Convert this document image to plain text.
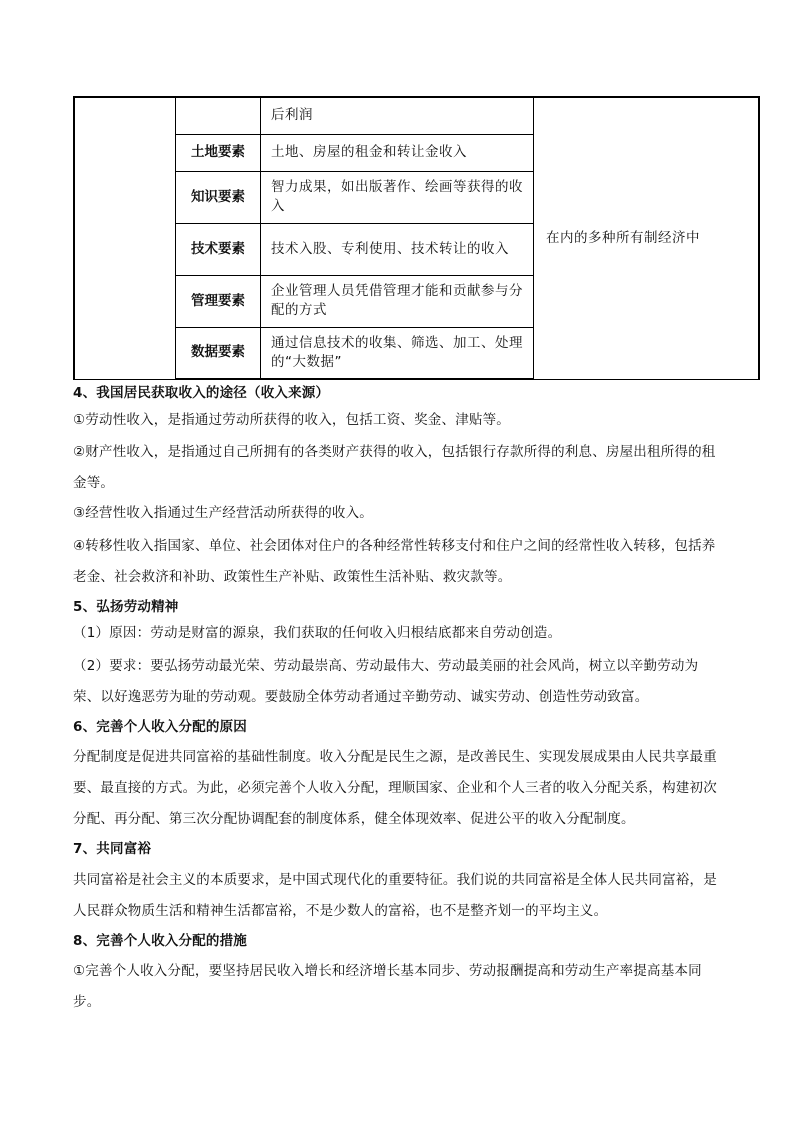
		后利润	在内的多种所有制经济中
	土地要素	土地、房屋的租金和转让金收入	
	知识要素	智力成果，如出版著作、绘画等获得的收入	
	技术要素	技术入股、专利使用、技术转让的收入	
	管理要素	企业管理人员凭借管理才能和贡献参与分配的方式	
	数据要素	通过信息技术的收集、筛选、加工、处理的“大数据”	
4、我国居民获取收入的途径（收入来源）
①劳动性收入，是指通过劳动所获得的收入，包括工资、奖金、津贴等。
②财产性收入，是指通过自己所拥有的各类财产获得的收入，包括银行存款所得的利息、房屋出租所得的租金等。
③经营性收入指通过生产经营活动所获得的收入。
④转移性收入指国家、单位、社会团体对住户的各种经常性转移支付和住户之间的经常性收入转移，包括养老金、社会救济和补助、政策性生产补贴、政策性生活补贴、救灾款等。
5、弘扬劳动精神
（1）原因：劳动是财富的源泉，我们获取的任何收入归根结底都来自劳动创造。
（2）要求：要弘扬劳动最光荣、劳动最崇高、劳动最伟大、劳动最美丽的社会风尚，树立以辛勤劳动为荣、以好逸恶劳为耻的劳动观。要鼓励全体劳动者通过辛勤劳动、诚实劳动、创造性劳动致富。
6、完善个人收入分配的原因
分配制度是促进共同富裕的基础性制度。收入分配是民生之源，是改善民生、实现发展成果由人民共享最重要、最直接的方式。为此，必须完善个人收入分配，理顺国家、企业和个人三者的收入分配关系，构建初次分配、再分配、第三次分配协调配套的制度体系，健全体现效率、促进公平的收入分配制度。
7、共同富裕
共同富裕是社会主义的本质要求，是中国式现代化的重要特征。我们说的共同富裕是全体人民共同富裕，是人民群众物质生活和精神生活都富裕，不是少数人的富裕，也不是整齐划一的平均主义。
8、完善个人收入分配的措施
①完善个人收入分配，要坚持居民收入增长和经济增长基本同步、劳动报酬提高和劳动生产率提高基本同步。
